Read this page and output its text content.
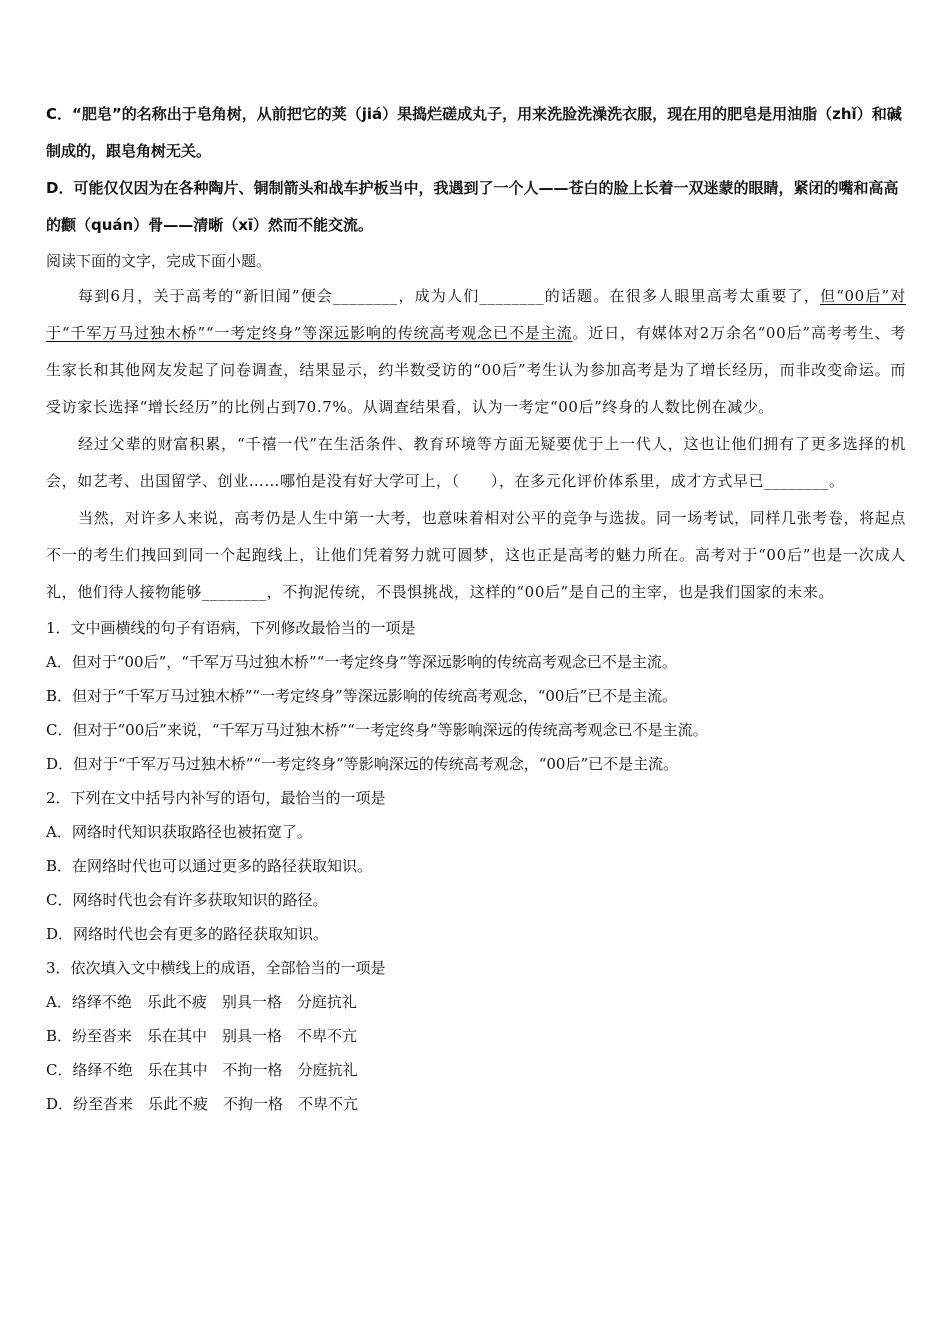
C．“肥皂”的名称出于皂角树，从前把它的荚（jiá）果捣烂磋成丸子，用来洗脸洗澡洗衣服，现在用的肥皂是用油脂（zhǐ）和碱制成的，跟皂角树无关。

D．可能仅仅因为在各种陶片、铜制箭头和战车护板当中，我遇到了一个人——苍白的脸上长着一双迷蒙的眼睛，紧闭的嘴和高高的颧（quán）骨——清晰（xī）然而不能交流。

阅读下面的文字，完成下面小题。

每到6月，关于高考的“新旧闻”便会________，成为人们________的话题。在很多人眼里高考太重要了，但“00后”对于“千军万马过独木桥”“一考定终身”等深远影响的传统高考观念已不是主流。近日，有媒体对2万余名“00后”高考考生、考生家长和其他网友发起了问卷调查，结果显示，约半数受访的“00后”考生认为参加高考是为了增长经历，而非改变命运。而受访家长选择“增长经历”的比例占到70.7%。从调查结果看，认为一考定“00后”终身的人数比例在减少。

经过父辈的财富积累，“千禧一代”在生活条件、教育环境等方面无疑要优于上一代人，这也让他们拥有了更多选择的机会，如艺考、出国留学、创业……哪怕是没有好大学可上，（　　），在多元化评价体系里，成才方式早已________。

当然，对许多人来说，高考仍是人生中第一大考，也意味着相对公平的竞争与选拔。同一场考试，同样几张考卷，将起点不一的考生们拽回到同一个起跑线上，让他们凭着努力就可圆梦，这也正是高考的魅力所在。高考对于“00后”也是一次成人礼，他们待人接物能够________，不拘泥传统，不畏惧挑战，这样的“00后”是自己的主宰，也是我们国家的未来。

1．文中画横线的句子有语病，下列修改最恰当的一项是

A．但对于“00后”，“千军万马过独木桥”“一考定终身”等深远影响的传统高考观念已不是主流。

B．但对于“千军万马过独木桥”“一考定终身”等深远影响的传统高考观念，“00后”已不是主流。

C．但对于“00后”来说，“千军万马过独木桥”“一考定终身”等影响深远的传统高考观念已不是主流。

D．但对于“千军万马过独木桥”“一考定终身”等影响深远的传统高考观念，“00后”已不是主流。

2．下列在文中括号内补写的语句，最恰当的一项是

A．网络时代知识获取路径也被拓宽了。

B．在网络时代也可以通过更多的路径获取知识。

C．网络时代也会有许多获取知识的路径。

D．网络时代也会有更多的路径获取知识。

3．依次填入文中横线上的成语，全部恰当的一项是

A．络绎不绝　乐此不疲　别具一格　分庭抗礼

B．纷至沓来　乐在其中　别具一格　不卑不亢

C．络绎不绝　乐在其中　不拘一格　分庭抗礼

D．纷至沓来　乐此不疲　不拘一格　不卑不亢
